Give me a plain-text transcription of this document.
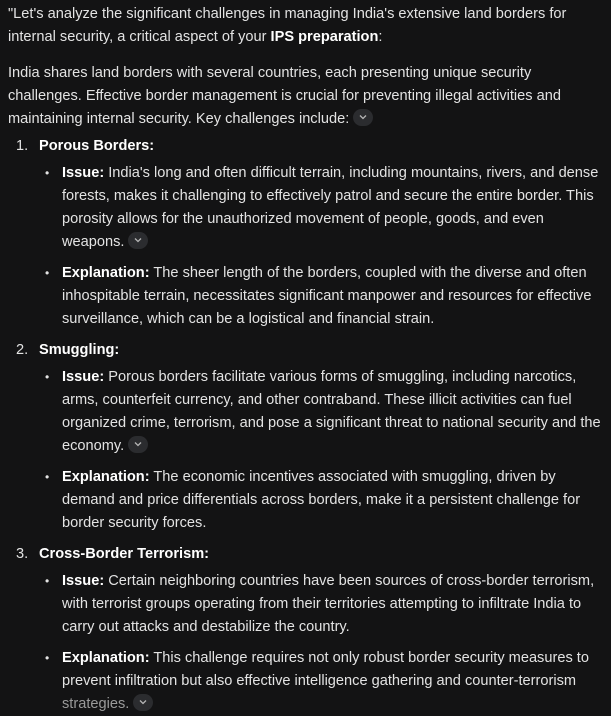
"Let's analyze the significant challenges in managing India's extensive land borders for internal security, a critical aspect of your IPS preparation:

India shares land borders with several countries, each presenting unique security challenges. Effective border management is crucial for preventing illegal activities and maintaining internal security. Key challenges include:

1. Porous Borders:
• Issue: India's long and often difficult terrain, including mountains, rivers, and dense forests, makes it challenging to effectively patrol and secure the entire border. This porosity allows for the unauthorized movement of people, goods, and even weapons.
• Explanation: The sheer length of the borders, coupled with the diverse and often inhospitable terrain, necessitates significant manpower and resources for effective surveillance, which can be a logistical and financial strain.
2. Smuggling:
• Issue: Porous borders facilitate various forms of smuggling, including narcotics, arms, counterfeit currency, and other contraband. These illicit activities can fuel organized crime, terrorism, and pose a significant threat to national security and the economy.
• Explanation: The economic incentives associated with smuggling, driven by demand and price differentials across borders, make it a persistent challenge for border security forces.
3. Cross-Border Terrorism:
• Issue: Certain neighboring countries have been sources of cross-border terrorism, with terrorist groups operating from their territories attempting to infiltrate India to carry out attacks and destabilize the country.
• Explanation: This challenge requires not only robust border security measures to prevent infiltration but also effective intelligence gathering and counter-terrorism strategies.
